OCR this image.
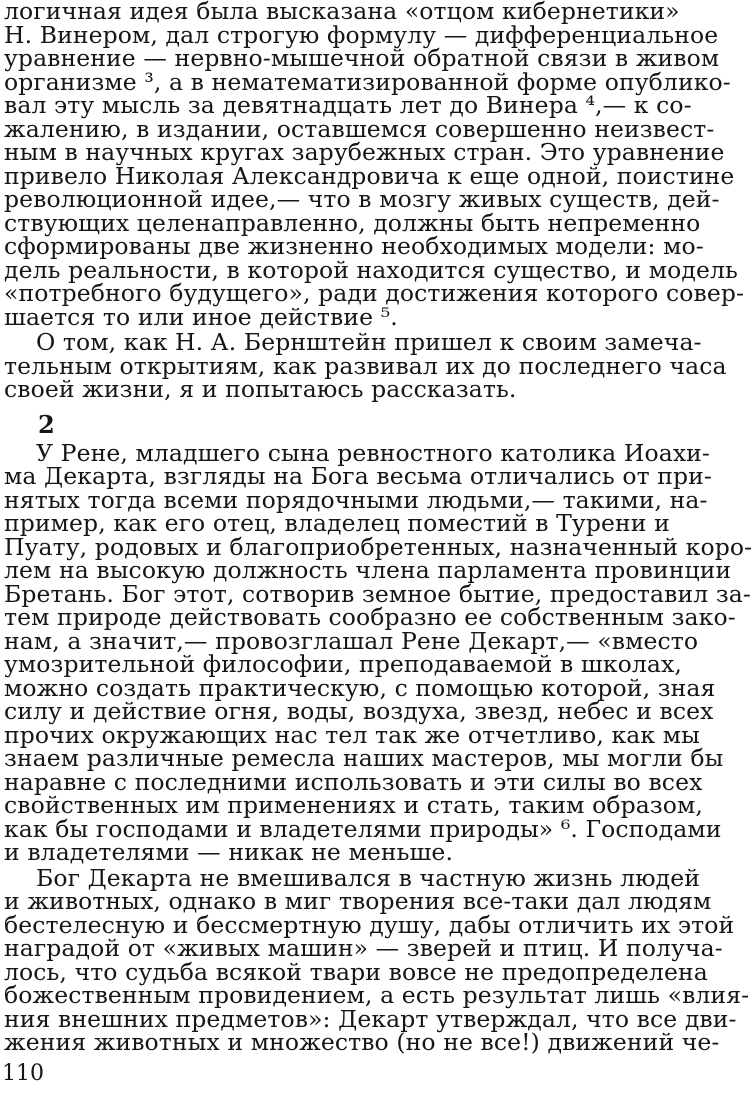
логичная идея была высказана «отцом кибернетики»
Н. Винером, дал строгую формулу — дифференциальное
уравнение — нервно-мышечной обратной связи в живом
организме ³, а в нематематизированной форме опублико-
вал эту мысль за девятнадцать лет до Винера ⁴,— к со-
жалению, в издании, оставшемся совершенно неизвест-
ным в научных кругах зарубежных стран. Это уравнение
привело Николая Александровича к еще одной, поистине
революционной идее,— что в мозгу живых существ, дей-
ствующих целенаправленно, должны быть непременно
сформированы две жизненно необходимых модели: мо-
дель реальности, в которой находится существо, и модель
«потребного будущего», ради достижения которого совер-
шается то или иное действие ⁵.
О том, как Н. А. Бернштейн пришел к своим замеча-
тельным открытиям, как развивал их до последнего часа
своей жизни, я и попытаюсь рассказать.
2
У Рене, младшего сына ревностного католика Иоахи-
ма Декарта, взгляды на Бога весьма отличались от при-
нятых тогда всеми порядочными людьми,— такими, на-
пример, как его отец, владелец поместий в Турени и
Пуату, родовых и благоприобретенных, назначенный коро-
лем на высокую должность члена парламента провинции
Бретань. Бог этот, сотворив земное бытие, предоставил за-
тем природе действовать сообразно ее собственным зако-
нам, а значит,— провозглашал Рене Декарт,— «вместо
умозрительной философии, преподаваемой в школах,
можно создать практическую, с помощью которой, зная
силу и действие огня, воды, воздуха, звезд, небес и всех
прочих окружающих нас тел так же отчетливо, как мы
знаем различные ремесла наших мастеров, мы могли бы
наравне с последними использовать и эти силы во всех
свойственных им применениях и стать, таким образом,
как бы господами и владетелями природы» ⁶. Господами
и владетелями — никак не меньше.
Бог Декарта не вмешивался в частную жизнь людей
и животных, однако в миг творения все-таки дал людям
бестелесную и бессмертную душу, дабы отличить их этой
наградой от «живых машин» — зверей и птиц. И получа-
лось, что судьба всякой твари вовсе не предопределена
божественным провидением, а есть результат лишь «влия-
ния внешних предметов»: Декарт утверждал, что все дви-
жения животных и множество (но не все!) движений че-
110
